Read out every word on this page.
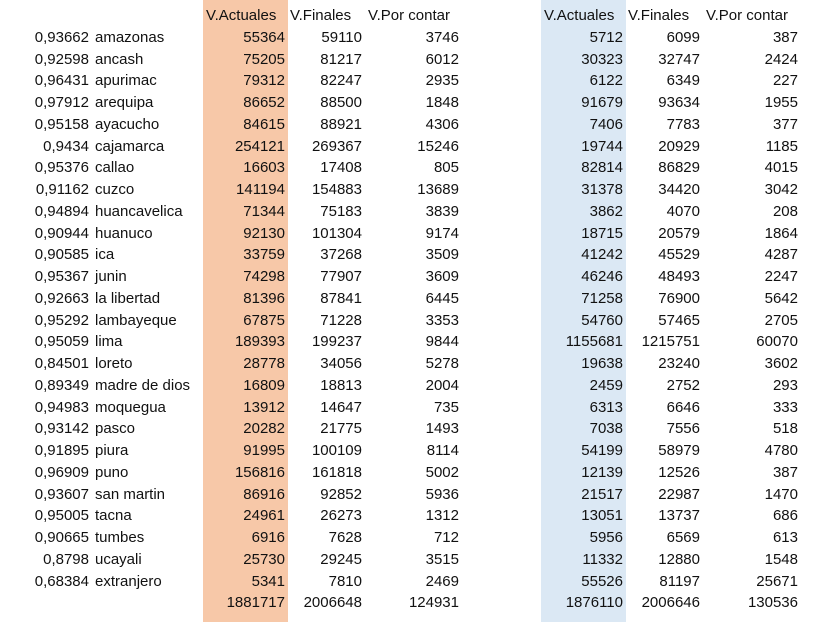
		V.Actuales	V.Finales	V.Por contar
0,93662	amazonas	55364	59110	3746
0,92598	ancash	75205	81217	6012
0,96431	apurimac	79312	82247	2935
0,97912	arequipa	86652	88500	1848
0,95158	ayacucho	84615	88921	4306
0,9434	cajamarca	254121	269367	15246
0,95376	callao	16603	17408	805
0,91162	cuzco	141194	154883	13689
0,94894	huancavelica	71344	75183	3839
0,90944	huanuco	92130	101304	9174
0,90585	ica	33759	37268	3509
0,95367	junin	74298	77907	3609
0,92663	la libertad	81396	87841	6445
0,95292	lambayeque	67875	71228	3353
0,95059	lima	189393	199237	9844
0,84501	loreto	28778	34056	5278
0,89349	madre de dios	16809	18813	2004
0,94983	moquegua	13912	14647	735
0,93142	pasco	20282	21775	1493
0,91895	piura	91995	100109	8114
0,96909	puno	156816	161818	5002
0,93607	san martin	86916	92852	5936
0,95005	tacna	24961	26273	1312
0,90665	tumbes	6916	7628	712
0,8798	ucayali	25730	29245	3515
0,68384	extranjero	5341	7810	2469
		1881717	2006648	124931
V.Actuales	V.Finales	V.Por contar
5712	6099	387
30323	32747	2424
6122	6349	227
91679	93634	1955
7406	7783	377
19744	20929	1185
82814	86829	4015
31378	34420	3042
3862	4070	208
18715	20579	1864
41242	45529	4287
46246	48493	2247
71258	76900	5642
54760	57465	2705
1155681	1215751	60070
19638	23240	3602
2459	2752	293
6313	6646	333
7038	7556	518
54199	58979	4780
12139	12526	387
21517	22987	1470
13051	13737	686
5956	6569	613
11332	12880	1548
55526	81197	25671
1876110	2006646	130536
